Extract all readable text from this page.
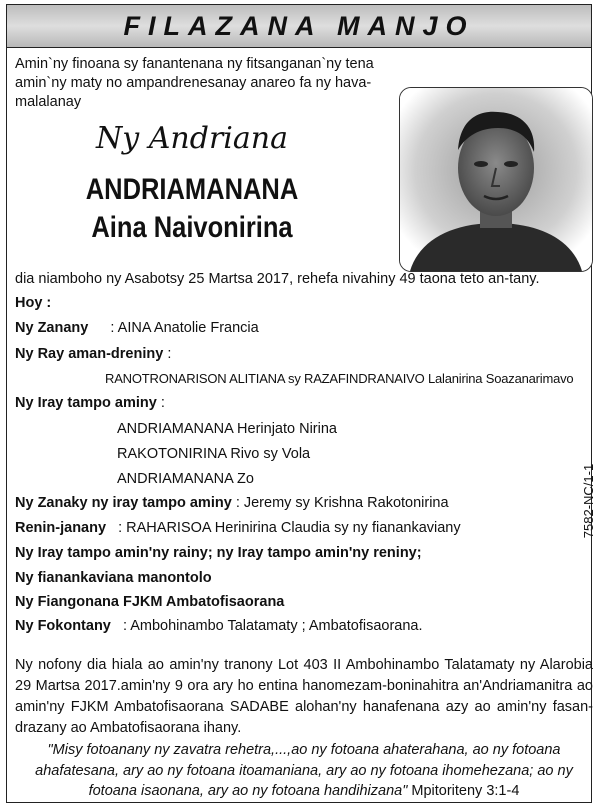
FILAZANA MANJO
Amin`ny finoana sy fanantenana ny fitsanganan`ny tena amin`ny maty no ampandrenesanay anareo fa ny hava-malalanay
Ny Andriana
ANDRIAMANANA
Aina Naivonirina
dia niamboho ny Asabotsy 25 Martsa 2017, rehefa nivahiny 49 taona teto an-tany.
Hoy :
Ny Zanany : AINA Anatolie Francia
Ny Ray aman-dreniny :
RANOTRONARISON ALITIANA sy RAZAFINDRANAIVO Lalanirina Soazanarimavo
Ny Iray tampo aminy :
ANDRIAMANANA Herinjato Nirina
RAKOTONIRINA Rivo sy Vola
ANDRIAMANANA Zo
Ny Zanaky ny iray tampo aminy : Jeremy sy Krishna Rakotonirina
Renin-janany : RAHARISOA Herinirina Claudia sy ny fianankaviany
Ny Iray tampo amin'ny rainy; ny Iray tampo amin'ny reniny;
Ny fianankaviana manontolo
Ny Fiangonana FJKM Ambatofisaorana
Ny Fokontany : Ambohinambo Talatamaty ; Ambatofisaorana.
Ny nofony dia hiala ao amin'ny tranony Lot 403 II Ambohinambo Talatamaty ny Alarobia 29 Martsa 2017.amin'ny 9 ora ary ho entina hanomezam-boninahitra an'Andriamanitra ao amin'ny FJKM Ambatofisaorana SADABE alohan'ny hanafenana azy ao amin'ny fasan-drazany ao Ambatofisaorana ihany.
"Misy fotoanany ny zavatra rehetra,...,ao ny fotoana ahaterahana, ao ny fotoana ahafatesana, ary ao ny fotoana itoamaniana, ary ao ny fotoana ihomehezana; ao ny fotoana isaonana, ary ao ny fotoana handihizana" Mpitoriteny 3:1-4
7582-NC/1-1
